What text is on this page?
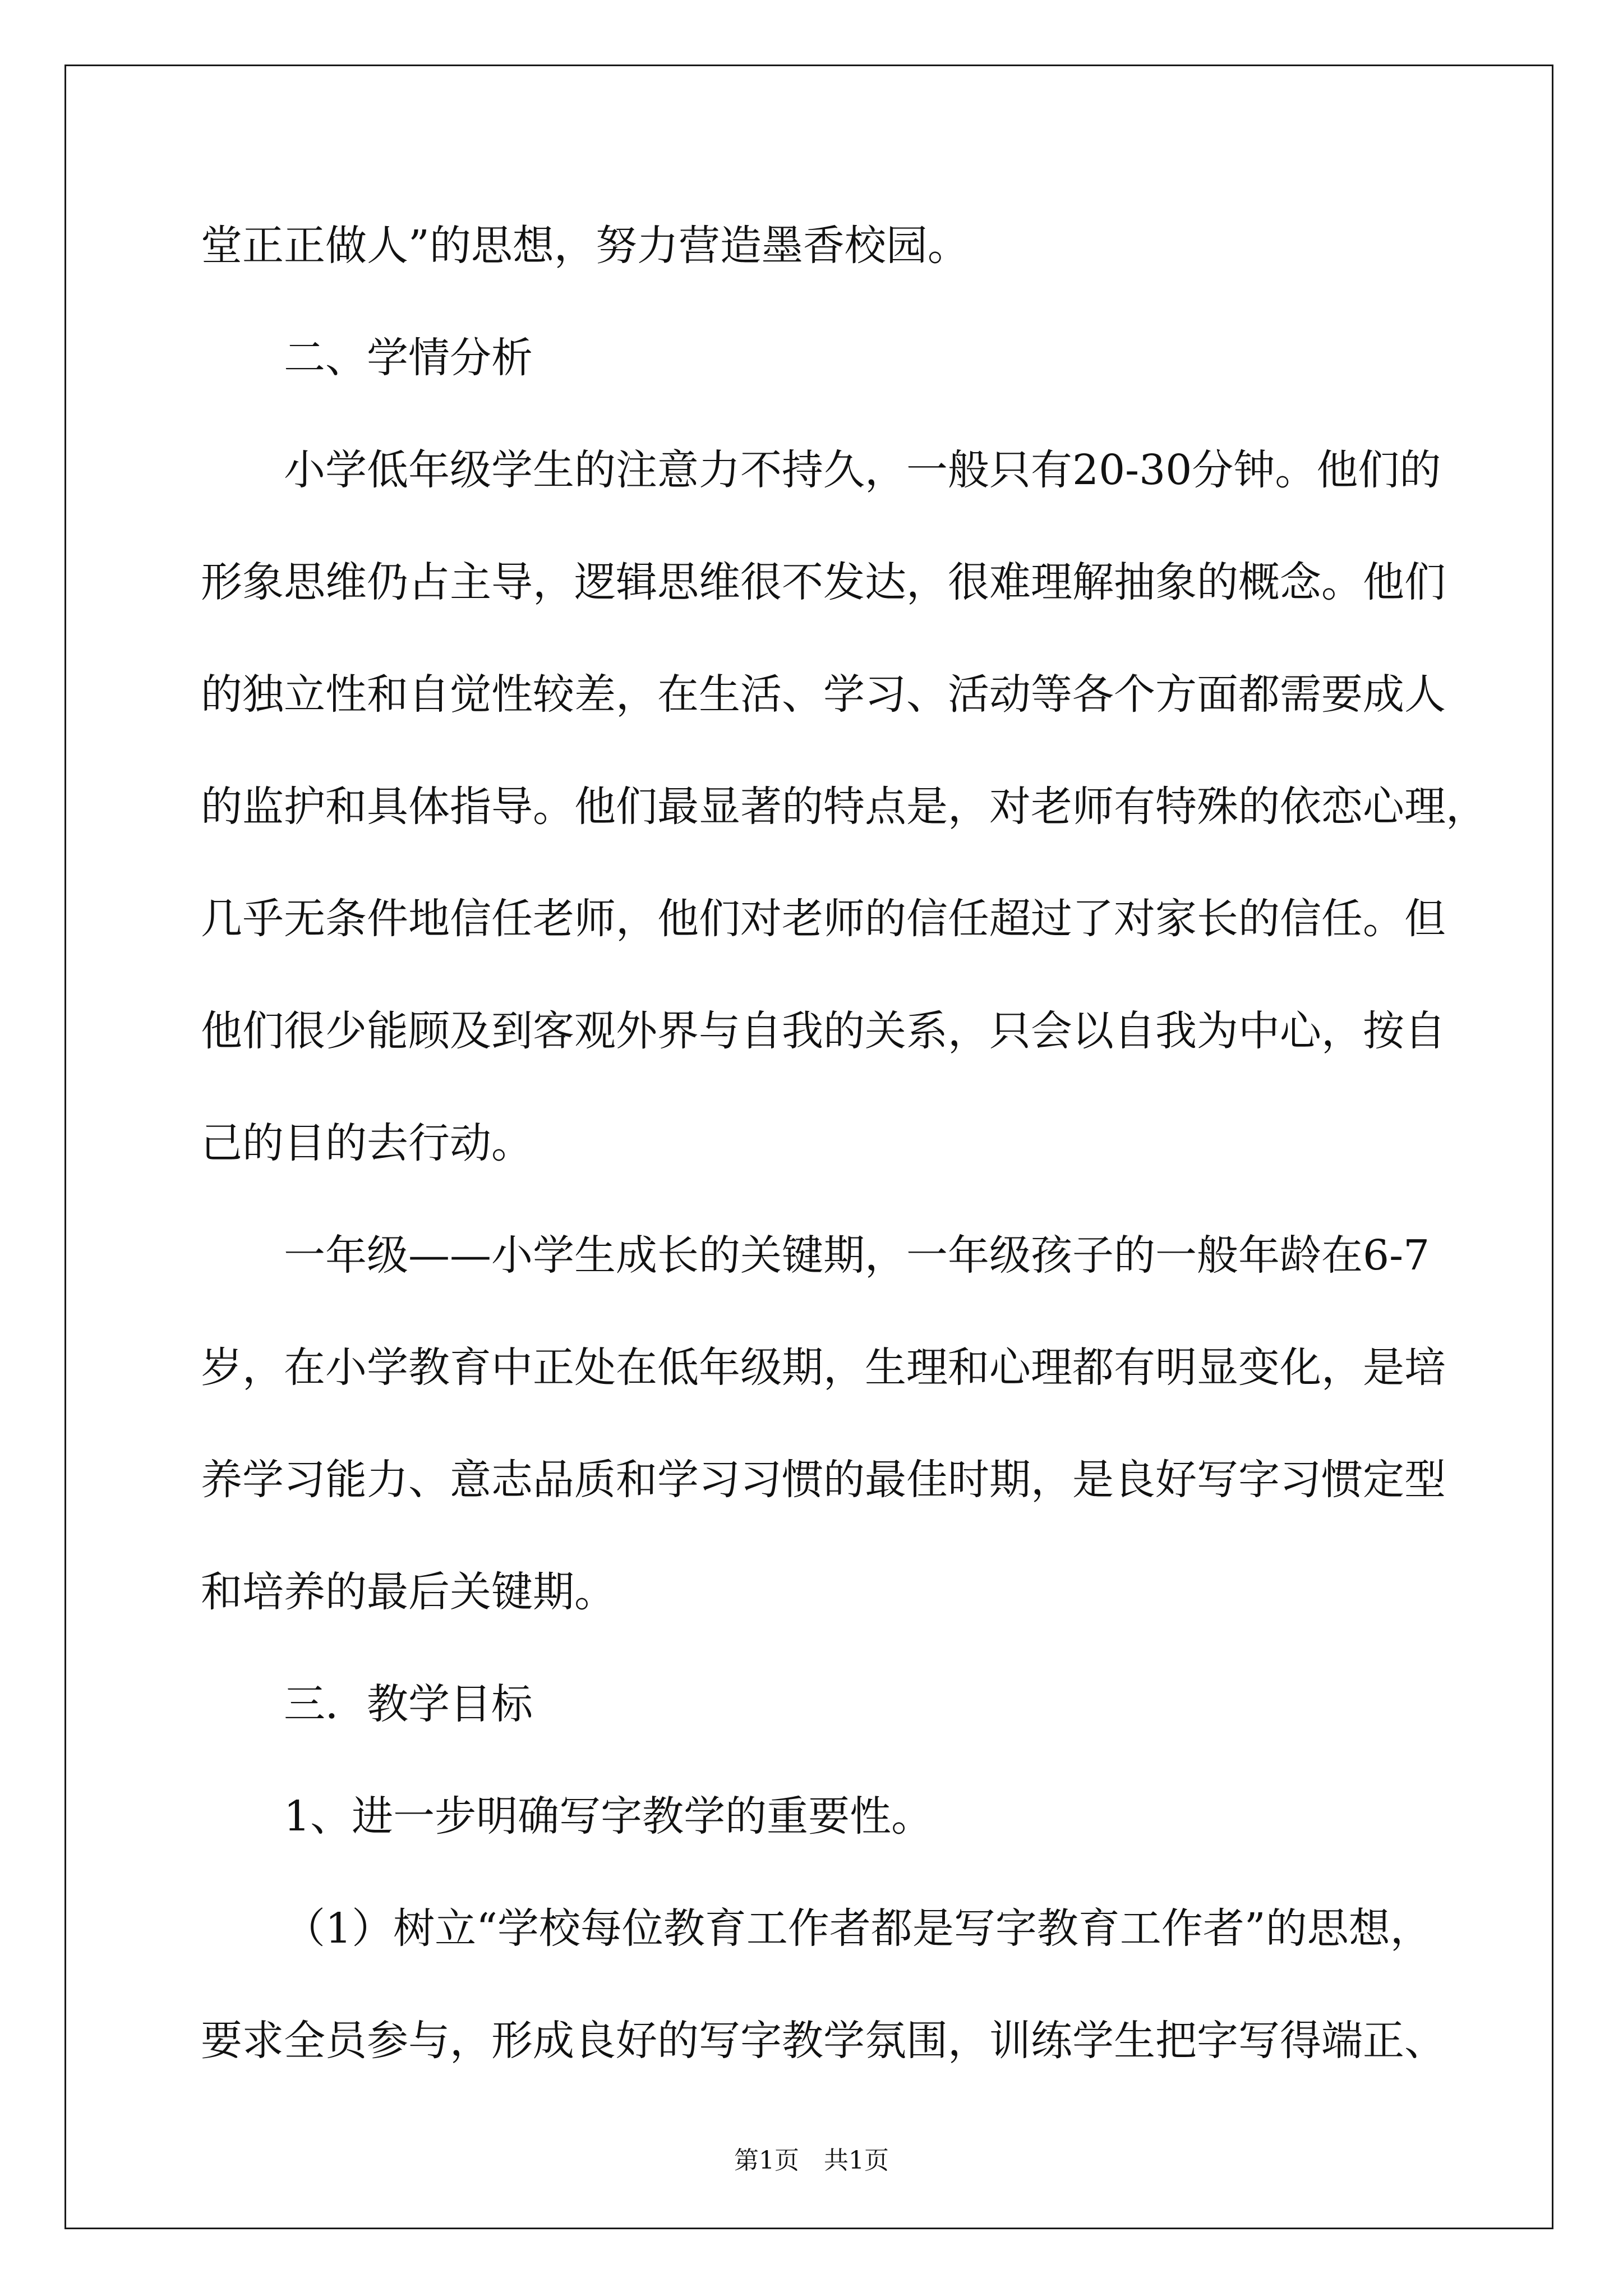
堂正正做人”的思想，努力营造墨香校园。
二、学情分析
小学低年级学生的注意力不持久，一般只有20-30分钟。他们的
形象思维仍占主导，逻辑思维很不发达，很难理解抽象的概念。他们
的独立性和自觉性较差，在生活、学习、活动等各个方面都需要成人
的监护和具体指导。他们最显著的特点是，对老师有特殊的依恋心理，
几乎无条件地信任老师，他们对老师的信任超过了对家长的信任。但
他们很少能顾及到客观外界与自我的关系，只会以自我为中心，按自
己的目的去行动。
一年级——小学生成长的关键期，一年级孩子的一般年龄在6-7
岁，在小学教育中正处在低年级期，生理和心理都有明显变化，是培
养学习能力、意志品质和学习习惯的最佳时期，是良好写字习惯定型
和培养的最后关键期。
三．教学目标
1、进一步明确写字教学的重要性。
（1）树立“学校每位教育工作者都是写字教育工作者”的思想，
要求全员参与，形成良好的写字教学氛围，训练学生把字写得端正、
第1页　共1页
